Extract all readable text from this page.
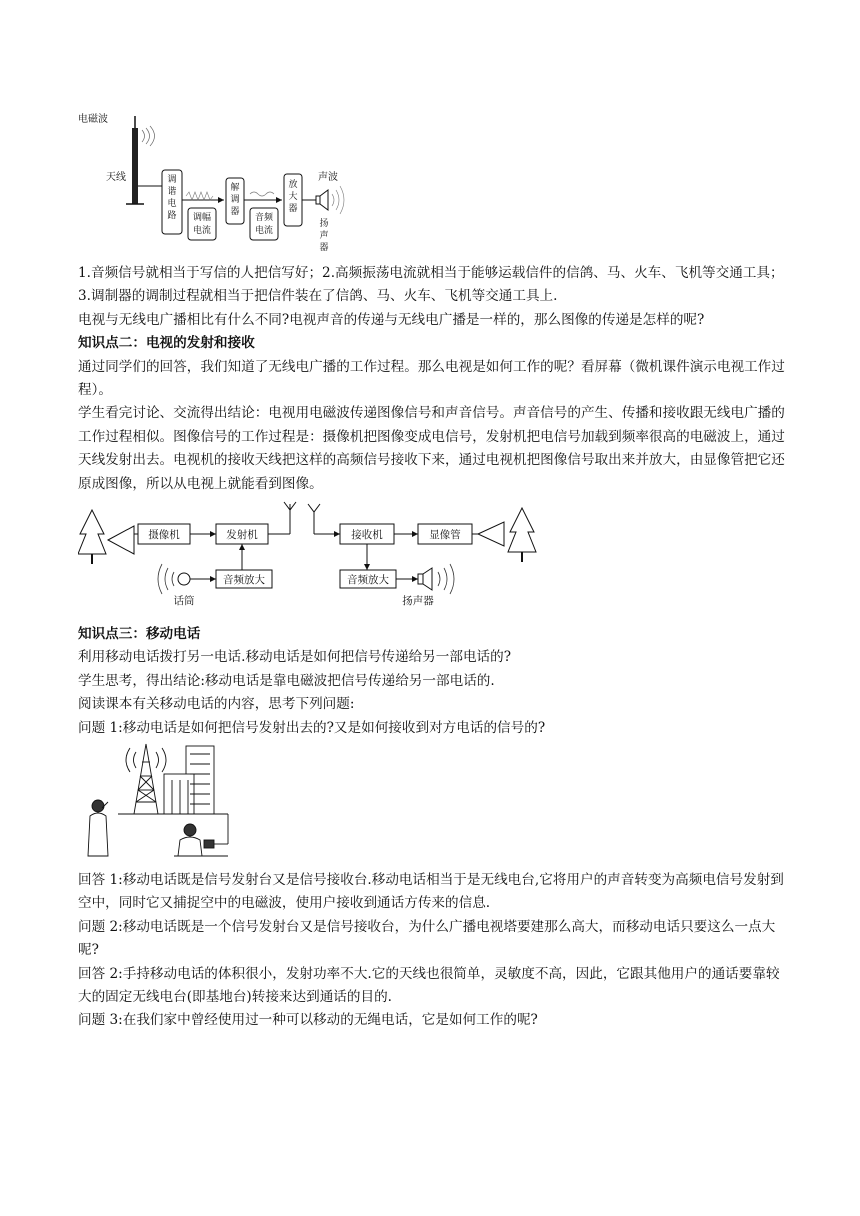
电磁波
天线	调谐电路 调幅电流
解调器
音频电流
放大器
声波
扬声器

1.音频信号就相当于写信的人把信写好；2.高频振荡电流就相当于能够运载信件的信鸽、马、火车、飞机等交通工具；3.调制器的调制过程就相当于把信件装在了信鸽、马、火车、飞机等交通工具上.

电视与无线电广播相比有什么不同?电视声音的传递与无线电广播是一样的，那么图像的传递是怎样的呢?

知识点二：电视的发射和接收

通过同学们的回答，我们知道了无线电广播的工作过程。那么电视是如何工作的呢？看屏幕（微机课件演示电视工作过程）。

学生看完讨论、交流得出结论：电视用电磁波传递图像信号和声音信号。声音信号的产生、传播和接收跟无线电广播的工作过程相似。图像信号的工作过程是：摄像机把图像变成电信号，发射机把电信号加载到频率很高的电磁波上，通过天线发射出去。电视机的接收天线把这样的高频信号接收下来，通过电视机把图像信号取出来并放大，由显像管把它还原成图像，所以从电视上就能看到图像。

摄像机	发射机
音频放大
话筒
接收机	显像管
音频放大
扬声器

知识点三：移动电话

利用移动电话拨打另一电话.移动电话是如何把信号传递给另一部电话的?

学生思考，得出结论:移动电话是靠电磁波把信号传递给另一部电话的.

阅读课本有关移动电话的内容，思考下列问题:

问题 1:移动电话是如何把信号发射出去的?又是如何接收到对方电话的信号的?

回答 1:移动电话既是信号发射台又是信号接收台.移动电话相当于是无线电台,它将用户的声音转变为高频电信号发射到空中，同时它又捕捉空中的电磁波，使用户接收到通话方传来的信息.

问题 2:移动电话既是一个信号发射台又是信号接收台，为什么广播电视塔要建那么高大，而移动电话只要这么一点大呢?

回答 2:手持移动电话的体积很小，发射功率不大.它的天线也很简单，灵敏度不高，因此，它跟其他用户的通话要靠较大的固定无线电台(即基地台)转接来达到通话的目的.

问题 3:在我们家中曾经使用过一种可以移动的无绳电话，它是如何工作的呢?
